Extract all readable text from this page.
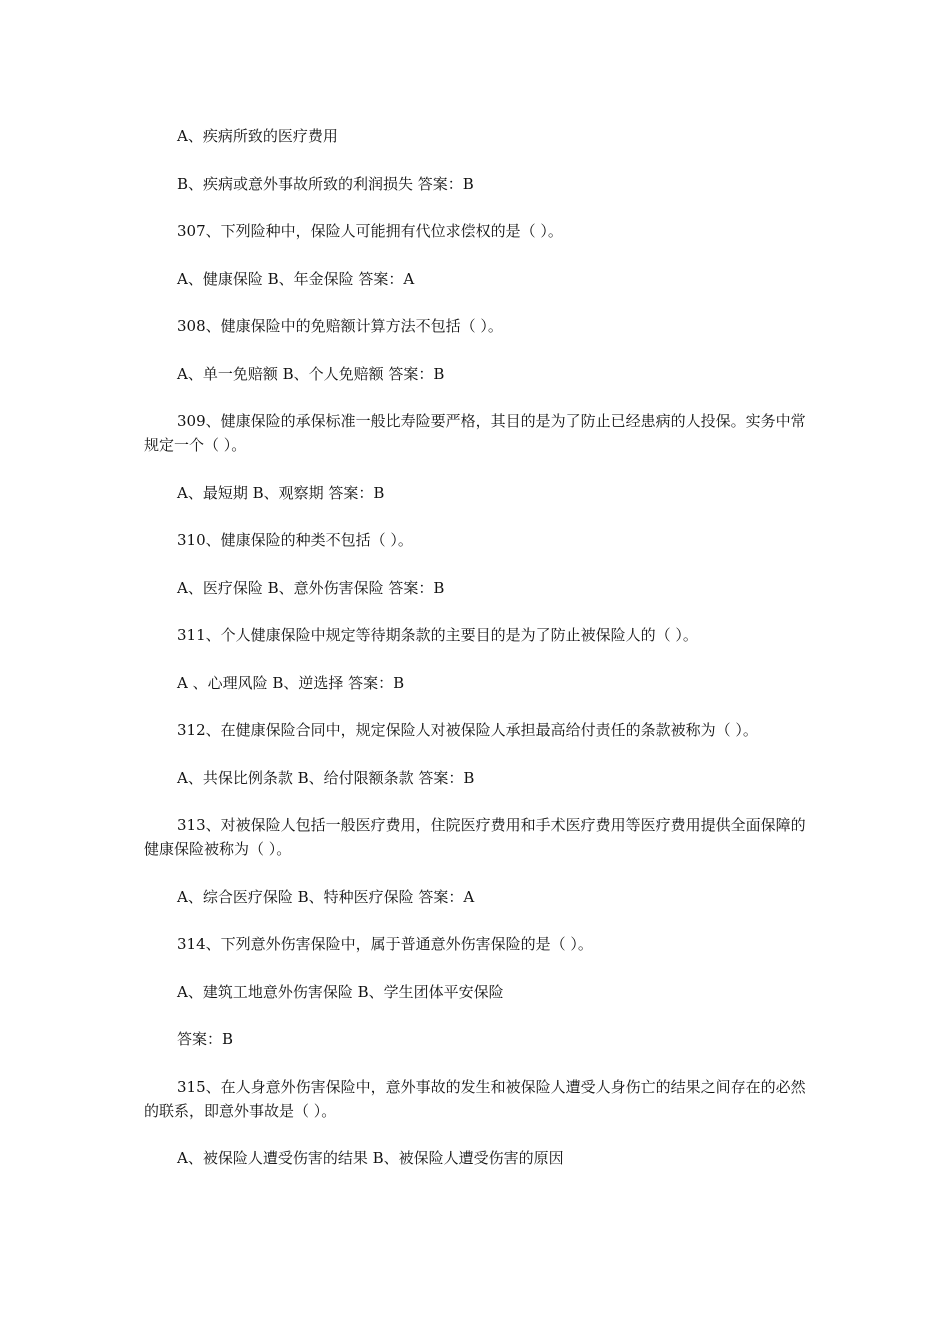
A、疾病所致的医疗费用

B、疾病或意外事故所致的利润损失 答案：B

307、下列险种中，保险人可能拥有代位求偿权的是（ ）。

A、健康保险 B、年金保险 答案：A

308、健康保险中的免赔额计算方法不包括（ ）。

A、单一免赔额 B、个人免赔额 答案：B

309、健康保险的承保标准一般比寿险要严格，其目的是为了防止已经患病的人投保。实务中常规定一个（ ）。

A、最短期 B、观察期 答案：B

310、健康保险的种类不包括（ ）。

A、医疗保险 B、意外伤害保险 答案：B

311、个人健康保险中规定等待期条款的主要目的是为了防止被保险人的（ ）。

A 、心理风险 B、逆选择 答案：B

312、在健康保险合同中，规定保险人对被保险人承担最高给付责任的条款被称为（ ）。

A、共保比例条款 B、给付限额条款 答案：B

313、对被保险人包括一般医疗费用，住院医疗费用和手术医疗费用等医疗费用提供全面保障的健康保险被称为（ ）。

A、综合医疗保险 B、特种医疗保险 答案：A

314、下列意外伤害保险中，属于普通意外伤害保险的是（ ）。

A、建筑工地意外伤害保险 B、学生团体平安保险

答案：B

315、在人身意外伤害保险中，意外事故的发生和被保险人遭受人身伤亡的结果之间存在的必然的联系，即意外事故是（ ）。

A、被保险人遭受伤害的结果 B、被保险人遭受伤害的原因
